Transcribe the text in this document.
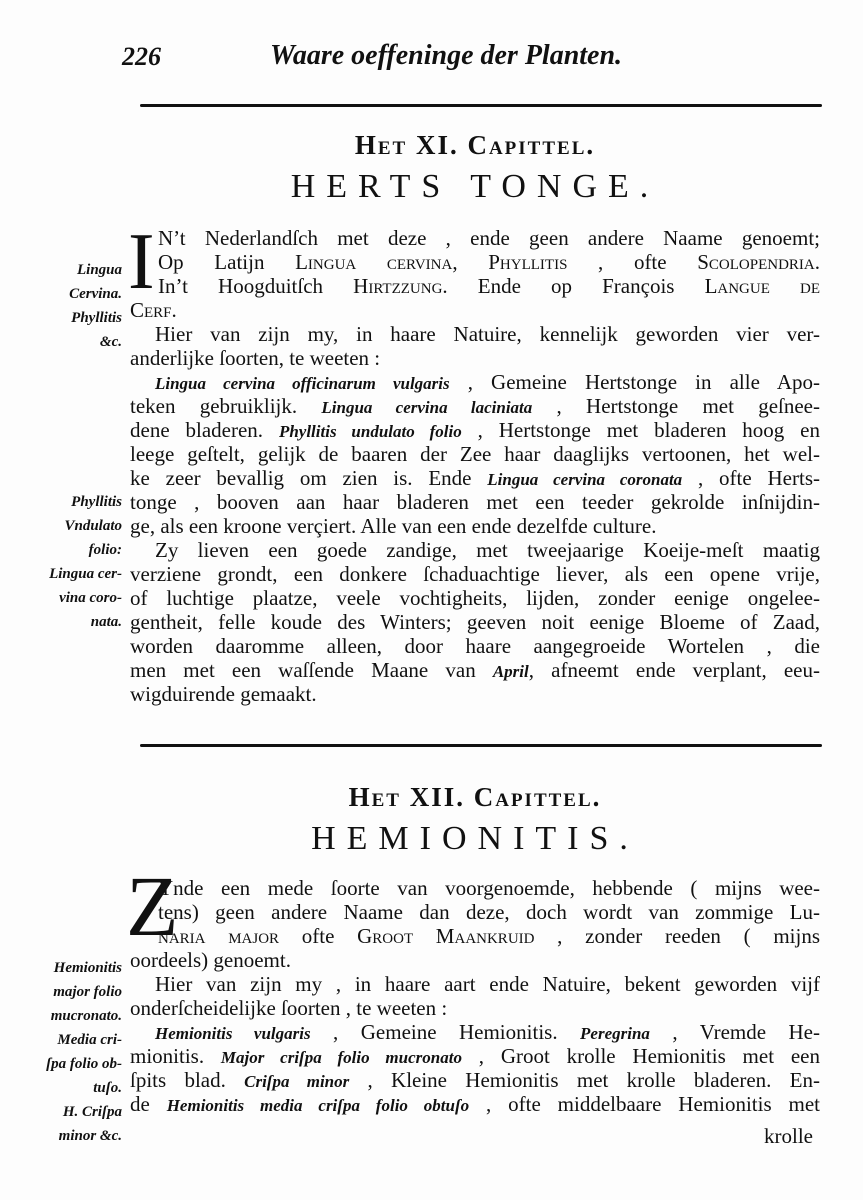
226	Waare oeffeninge der Planten.
Het XI. Capittel.
HERTS TONGE.
I N’t Nederlandſch met deze , ende geen andere Naame genoemt;
Op Latijn Lingua cervina, Phyllitis , ofte Scolopendria.
In’t Hoogduitſch Hirtzzung. Ende op François Langue de
Cerf.
Hier van zijn my, in haare Natuire, kennelijk geworden vier ver-
anderlijke ſoorten, te weeten :
Lingua cervina officinarum vulgaris , Gemeine Hertstonge in alle Apo-
teken gebruiklijk. Lingua cervina laciniata , Hertstonge met geſnee-
dene bladeren. Phyllitis undulato folio , Hertstonge met bladeren hoog en
leege geſtelt, gelijk de baaren der Zee haar daaglijks vertoonen, het wel-
ke zeer bevallig om zien is. Ende Lingua cervina coronata , ofte Herts-
tonge , booven aan haar bladeren met een teeder gekrolde inſnijdin-
ge, als een kroone verçiert. Alle van een ende dezelfde culture.
Zy lieven een goede zandige, met tweejaarige Koeije-meſt maatig
verziene grondt, een donkere ſchaduachtige liever, als een opene vrije,
of luchtige plaatze, veele vochtigheits, lijden, zonder eenige ongelee-
gentheit, felle koude des Winters; geeven noit eenige Bloeme of Zaad,
worden daaromme alleen, door haare aangegroeide Wortelen , die
men met een waſſende Maane van April, afneemt ende verplant, eeu-
wigduirende gemaakt.
Lingua
Cervina.
Phyllitis
&c.
Phyllitis
Vndulato
folio:
Lingua cer-
vina coro-
nata.
Het XII. Capittel.
HEMIONITIS.
Z
Ynde een mede ſoorte van voorgenoemde, hebbende ( mijns wee-
tens) geen andere Naame dan deze, doch wordt van zommige Lu-
naria major ofte Groot Maankruid , zonder reeden ( mijns
oordeels) genoemt.
Hier van zijn my , in haare aart ende Natuire, bekent geworden vijf
onderſcheidelijke ſoorten , te weeten :
Hemionitis vulgaris , Gemeine Hemionitis. Peregrina , Vremde He-
mionitis. Major criſpa folio mucronato , Groot krolle Hemionitis met een
ſpits blad. Criſpa minor , Kleine Hemionitis met krolle bladeren. En-
de Hemionitis media criſpa folio obtuſo , ofte middelbaare Hemionitis met
Hemionitis
major folio
mucronato.
Media cri-
ſpa folio ob-
tuſo.
H. Criſpa
minor &c.	krolle
